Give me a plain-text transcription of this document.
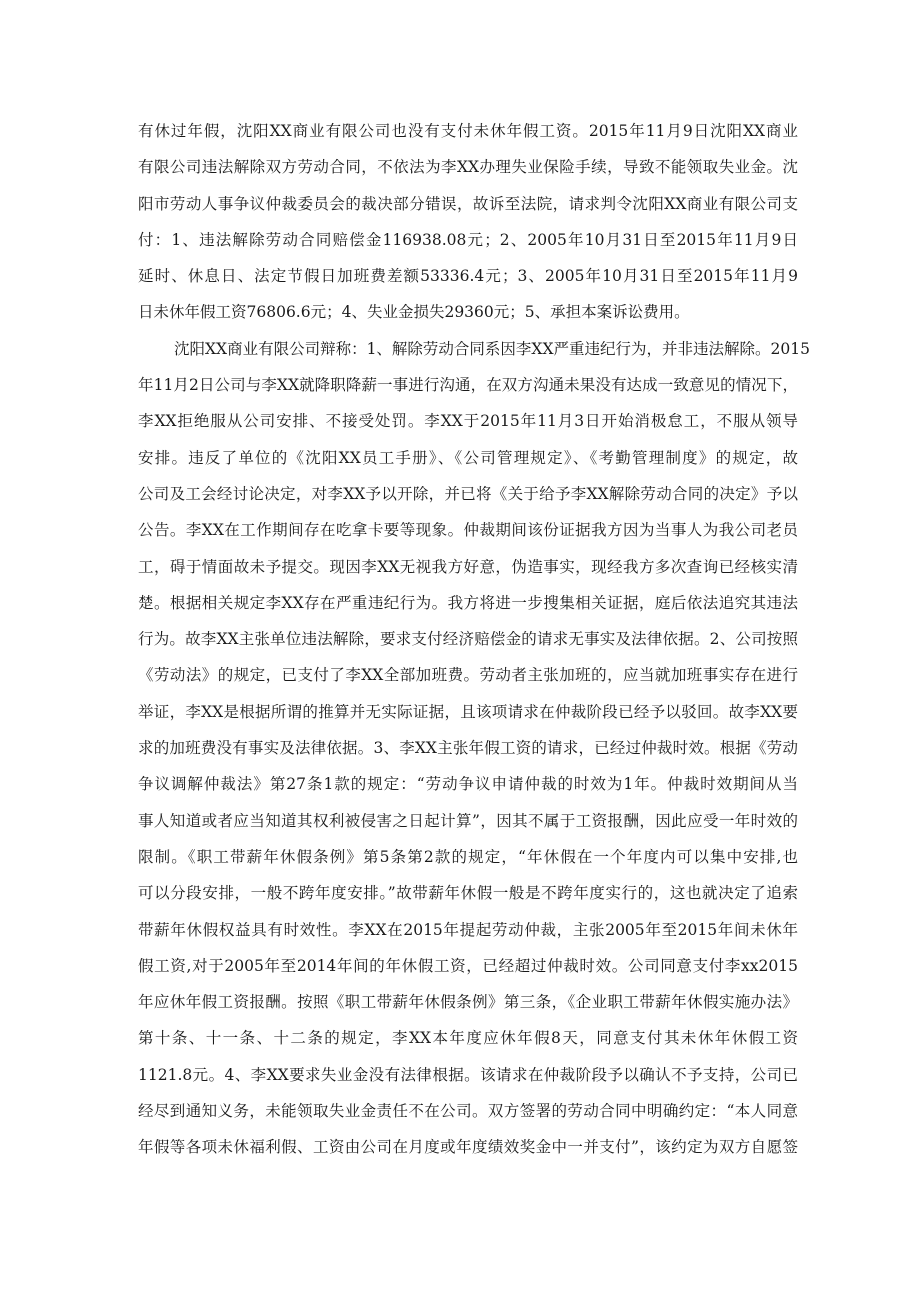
有休过年假，沈阳XX商业有限公司也没有支付未休年假工资。2015年11月9日沈阳XX商业
有限公司违法解除双方劳动合同，不依法为李XX办理失业保险手续，导致不能领取失业金。沈
阳市劳动人事争议仲裁委员会的裁决部分错误，故诉至法院，请求判令沈阳XX商业有限公司支
付：1、违法解除劳动合同赔偿金116938.08元；2、2005年10月31日至2015年11月9日
延时、休息日、法定节假日加班费差额53336.4元；3、2005年10月31日至2015年11月9
日未休年假工资76806.6元；4、失业金损失29360元；5、承担本案诉讼费用。
沈阳XX商业有限公司辩称：1、解除劳动合同系因李XX严重违纪行为，并非违法解除。2015
年11月2日公司与李XX就降职降薪一事进行沟通，在双方沟通未果没有达成一致意见的情况下，
李XX拒绝服从公司安排、不接受处罚。李XX于2015年11月3日开始消极怠工，不服从领导
安排。违反了单位的《沈阳XX员工手册》、《公司管理规定》、《考勤管理制度》的规定，故
公司及工会经讨论决定，对李XX予以开除，并已将《关于给予李XX解除劳动合同的决定》予以
公告。李XX在工作期间存在吃拿卡要等现象。仲裁期间该份证据我方因为当事人为我公司老员
工，碍于情面故未予提交。现因李XX无视我方好意，伪造事实，现经我方多次查询已经核实清
楚。根据相关规定李XX存在严重违纪行为。我方将进一步搜集相关证据，庭后依法追究其违法
行为。故李XX主张单位违法解除，要求支付经济赔偿金的请求无事实及法律依据。2、公司按照
《劳动法》的规定，已支付了李XX全部加班费。劳动者主张加班的，应当就加班事实存在进行
举证，李XX是根据所谓的推算并无实际证据，且该项请求在仲裁阶段已经予以驳回。故李XX要
求的加班费没有事实及法律依据。3、李XX主张年假工资的请求，已经过仲裁时效。根据《劳动
争议调解仲裁法》第27条1款的规定：“劳动争议申请仲裁的时效为1年。仲裁时效期间从当
事人知道或者应当知道其权利被侵害之日起计算”，因其不属于工资报酬，因此应受一年时效的
限制。《职工带薪年休假条例》第5条第2款的规定，“年休假在一个年度内可以集中安排,也
可以分段安排，一般不跨年度安排。”故带薪年休假一般是不跨年度实行的，这也就决定了追索
带薪年休假权益具有时效性。李XX在2015年提起劳动仲裁，主张2005年至2015年间未休年
假工资,对于2005年至2014年间的年休假工资，已经超过仲裁时效。公司同意支付李xx2015
年应休年假工资报酬。按照《职工带薪年休假条例》第三条，《企业职工带薪年休假实施办法》
第十条、十一条、十二条的规定，李XX本年度应休年假8天，同意支付其未休年休假工资
1121.8元。4、李XX要求失业金没有法律根据。该请求在仲裁阶段予以确认不予支持，公司已
经尽到通知义务，未能领取失业金责任不在公司。双方签署的劳动合同中明确约定：“本人同意
年假等各项未休福利假、工资由公司在月度或年度绩效奖金中一并支付”，该约定为双方自愿签
